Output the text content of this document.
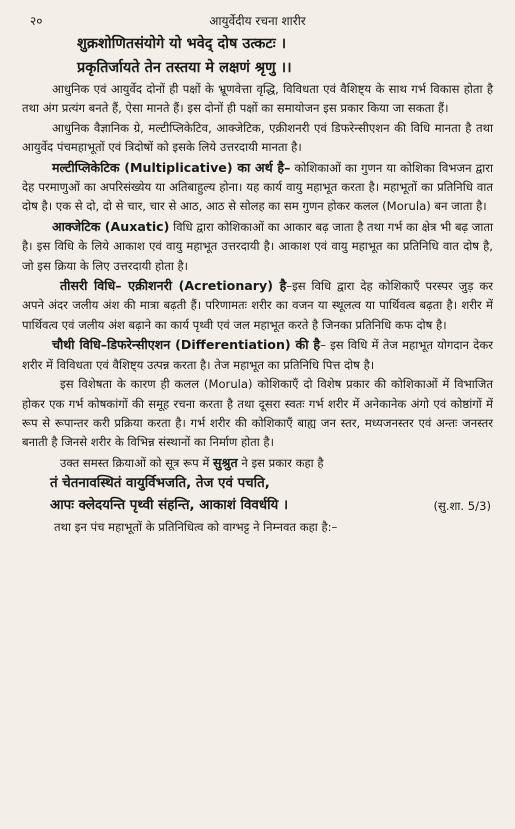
२०	आयुर्वेदीय रचना शारीर
शुक्रशोणितसंयोगे यो भवेद् दोष उत्कटः ।
प्रकृतिर्जायते तेन तस्तया मे लक्षणं श्रृणु ।।

आधुनिक एवं आयुर्वेद दोनों ही पक्षों के भ्रूणवेत्ता वृद्धि, विविधता एवं वैशिष्ट्य के साथ गर्भ विकास होता है तथा अंग प्रत्यंग बनते हैं, ऐसा मानते हैं। इस दोनों ही पक्षों का समायोजन इस प्रकार किया जा सकता हैं।

आधुनिक वैज्ञानिक ग्रे, मल्टीप्लिकेटिव, आक्जेटिक, एक्रीशनरी एवं डिफरेन्सीएशन की विधि मानता है तथा आयुर्वेद पंचमहाभूतों एवं त्रिदोषों को इसके लिये उत्तरदायी मानता है।

मल्टीप्लिकेटिक (Multiplicative) का अर्थ है– कोशिकाओं का गुणन या कोशिका विभजन द्वारा देह परमाणुओं का अपरिसंख्येय या अतिबाहुल्य होना। यह कार्य वायु महाभूत करता है। महाभूतों का प्रतिनिधि वात दोष है। एक से दो, दो से चार, चार से आठ, आठ से सोलह का सम गुणन होकर कलल (Morula) बन जाता है।

आक्जेटिक (Auxatic) विधि द्वारा कोशिकाओं का आकार बढ़ जाता है तथा गर्भ का क्षेत्र भी बढ़ जाता है। इस विधि के लिये आकाश एवं वायु महाभूत उत्तरदायी है। आकाश एवं वायु महाभूत का प्रतिनिधि वात दोष है, जो इस क्रिया के लिए उत्तरदायी होता है।

तीसरी विधि– एक्रीशनरी (Acretionary) है–इस विधि द्वारा देह कोशिकाएँ परस्पर जुड़ कर अपने अंदर जलीय अंश की मात्रा बढ़ती हैं। परिणामतः शरीर का वजन या स्थूलत्व या पार्थिवत्व बढ़ता है। शरीर में पार्थिवत्व एवं जलीय अंश बढ़ाने का कार्य पृथ्वी एवं जल महाभूत करते है जिनका प्रतिनिधि कफ दोष है।

चौथी विधि–डिफरेन्सीएशन (Differentiation) की है– इस विधि में तेज महाभूत योगदान देकर शरीर में विविधता एवं वैशिष्ट्य उत्पन्न करता है। तेज महाभूत का प्रतिनिधि पित्त दोष है।

इस विशेषता के कारण ही कलल (Morula) कोशिकाएँ दो विशेष प्रकार की कोशिकाओं में विभाजित होकर एक गर्भ कोषकांगों की समूह रचना करता है तथा दूसरा स्वतः गर्भ शरीर में अनेकानेक अंगो एवं कोष्ठांगों में रूप से रूपान्तर करी प्रक्रिया करता है। गर्भ शरीर की कोशिकाएँ बाह्य जन स्तर, मध्यजनस्तर एवं अन्तः जनस्तर बनाती है जिनसे शरीर के विभिन्न संस्थानों का निर्माण होता है।

उक्त समस्त क्रियाओं को सूत्र रूप में सुश्रुत ने इस प्रकार कहा है

तं चेतनावस्थितं वायुर्विभजति, तेज एवं पचति,
आपः क्लेदयन्ति पृथ्वी संहन्ति, आकाशं विवर्धयि ।	(सु.शा. 5/3)
तथा इन पंच महाभूतों के प्रतिनिधित्व को वाग्भट्ट ने निम्नवत कहा है:–
